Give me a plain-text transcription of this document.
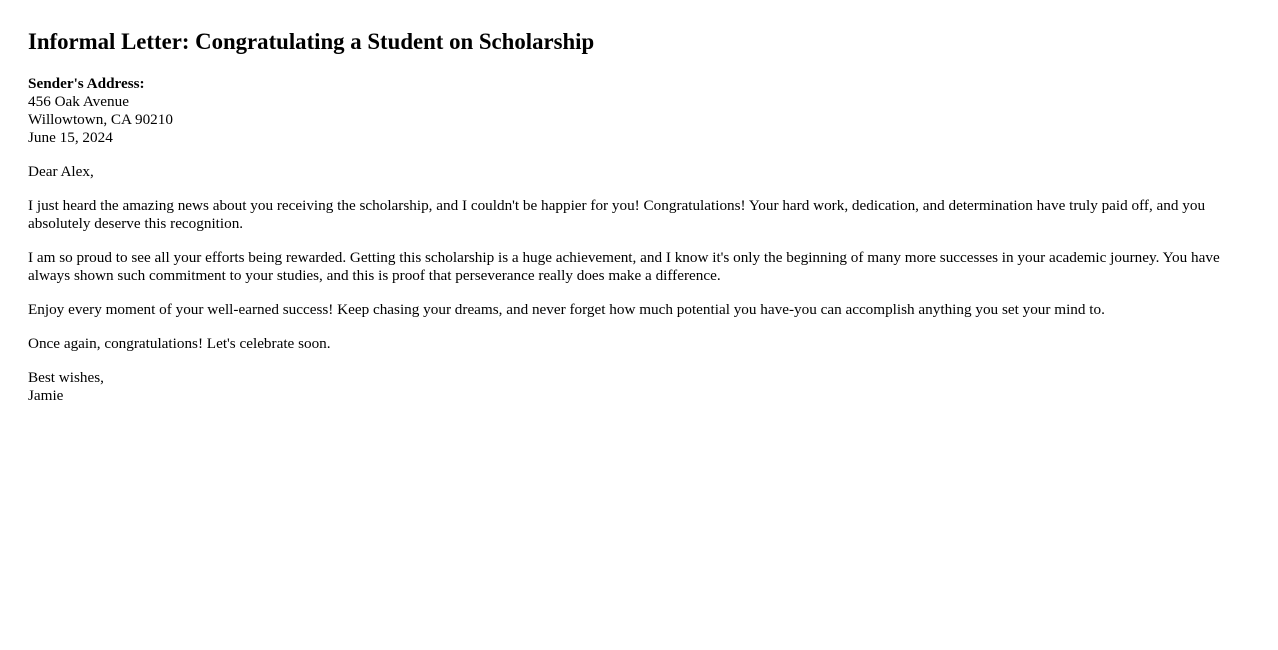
Informal Letter: Congratulating a Student on Scholarship
Sender's Address:
456 Oak Avenue
Willowtown, CA 90210
June 15, 2024

Dear Alex,

I just heard the amazing news about you receiving the scholarship, and I couldn't be happier for you! Congratulations! Your hard work, dedication, and determination have truly paid off, and you absolutely deserve this recognition.

I am so proud to see all your efforts being rewarded. Getting this scholarship is a huge achievement, and I know it's only the beginning of many more successes in your academic journey. You have always shown such commitment to your studies, and this is proof that perseverance really does make a difference.

Enjoy every moment of your well-earned success! Keep chasing your dreams, and never forget how much potential you have-you can accomplish anything you set your mind to.

Once again, congratulations! Let's celebrate soon.

Best wishes,
Jamie
